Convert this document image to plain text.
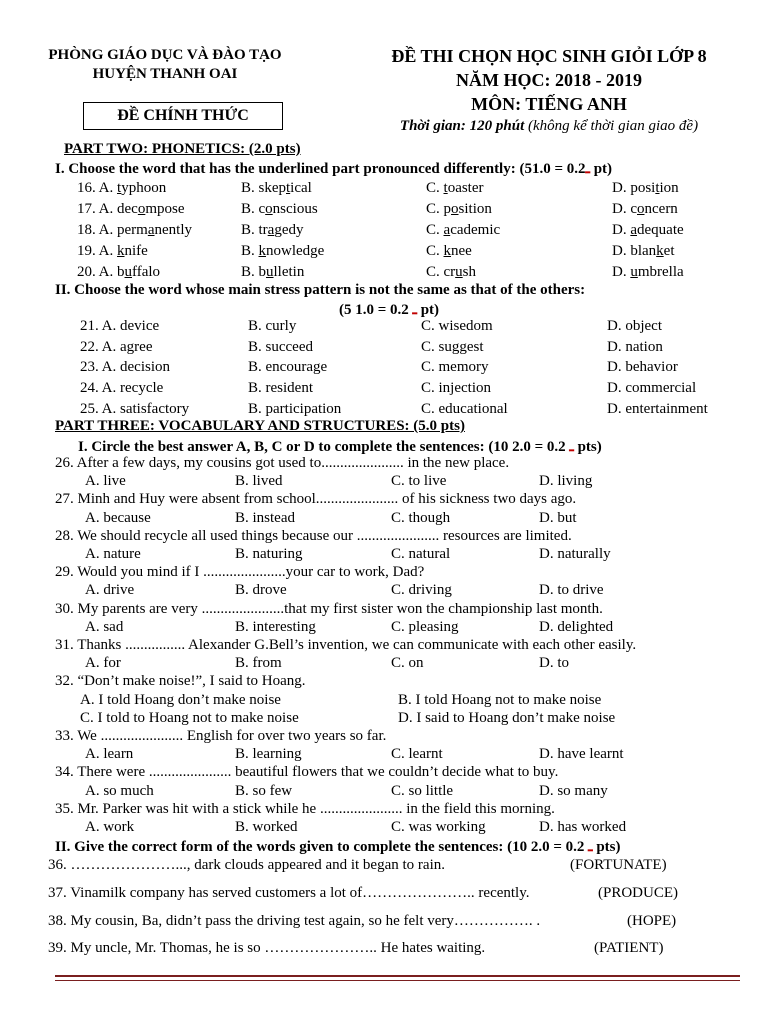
PHÒNG GIÁO DỤC VÀ ĐÀO TẠO
HUYỆN THANH OAI
ĐỀ CHÍNH THỨC
ĐỀ THI CHỌN HỌC SINH GIỎI LỚP 8
NĂM HỌC: 2018 - 2019
MÔN: TIẾNG ANH
Thời gian: 120 phút (không kể thời gian giao đề)
PART TWO: PHONETICS: (2.0 pts)
I. Choose the word that has the underlined part pronounced differently: (5	ـ0.2 = 1.0 pt)
16. A. typhoon	B. skeptical	C. toaster	D. position
17. A. decompose	B. conscious	C. position	D. concern
18. A. permanently	B. tragedy	C. academic	D. adequate
19. A. knife	B. knowledge	C. knee	D. blanket
20. A. buffalo	B. bulletin	C. crush	D. umbrella
II. Choose the word whose main stress pattern is not the same as that of the others:
(5	ـ 0.2 = 1.0 pt)
21. A. device	B. curly	C. wisedom	D. object
22. A. agree	B. succeed	C. suggest	D. nation
23. A. decision	B. encourage	C. memory	D. behavior
24. A. recycle	B. resident	C. injection	D. commercial
25. A. satisfactory	B. participation	C. educational	D. entertainment
PART THREE: VOCABULARY AND STRUCTURES: (5.0 pts)
I. Circle the best answer A, B, C or D to complete the sentences: (10	ـ 0.2 = 2.0 pts)
26. After a few days, my cousins got used to...................... in the new place.
A. live	B. lived	C. to live	D. living
27. Minh and Huy were absent from school...................... of his sickness two days ago.
A. because	B. instead	C. though	D. but
28. We should recycle all used things because our ...................... resources are limited.
A. nature	B. naturing	C. natural	D. naturally
29. Would you mind if I ......................your car to work, Dad?
A. drive	B. drove	C. driving	D. to drive
30. My parents are very ......................that my first sister won the championship last month.
A. sad	B. interesting	C. pleasing	D. delighted
31. Thanks ................ Alexander G.Bell’s invention, we can communicate with each other easily.
A. for	B. from	C. on	D. to
32. “Don’t make noise!”, I said to Hoang.
A. I told Hoang don’t make noise	B. I told Hoang not to make noise
C. I told to Hoang not to make noise	D. I said to Hoang don’t make noise
33. We ...................... English for over two years so far.
A. learn	B. learning	C. learnt	D. have learnt
34. There were ...................... beautiful flowers that we couldn’t decide what to buy.
A. so much	B. so few	C. so little	D. so many
35. Mr. Parker was hit with a stick while he ...................... in the field this morning.
A. work	B. worked	C. was working	D. has worked
II. Give the correct form of the words given to complete the sentences: (10	ـ 0.2 = 2.0 pts)
36. …………………..., dark clouds appeared and it began to rain.	(FORTUNATE)
37. Vinamilk company has served customers a lot of………………….. recently.	(PRODUCE)
38. My cousin, Ba, didn’t pass the driving test again, so he felt very……………. .	(HOPE)
39. My uncle, Mr. Thomas, he is so ………………….. He hates waiting.	(PATIENT)
